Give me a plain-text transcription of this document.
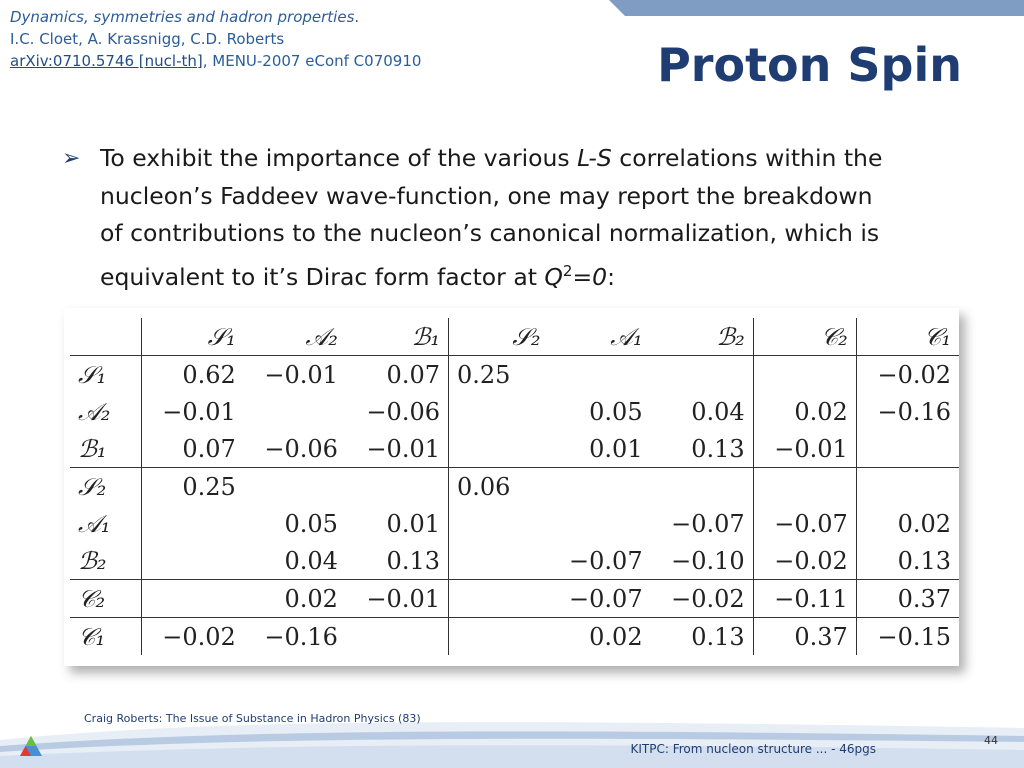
Dynamics, symmetries and hadron properties.
I.C. Cloet, A. Krassnigg, C.D. Roberts
arXiv:0710.5746 [nucl-th], MENU-2007 eConf C070910	Proton Spin
➢ To exhibit the importance of the various L-S correlations within the
nucleon’s Faddeev wave-function, one may report the breakdown
of contributions to the nucleon’s canonical normalization, which is
equivalent to it’s Dirac form factor at $Q^2=0$:
	𝒮₁	𝒜₂	ℬ₁	𝒮₂	𝒜₁	ℬ₂	𝒞₂	𝒞₁
𝒮₁	0.62	−0.01	0.07	0.25				−0.02
𝒜₂	−0.01		−0.06		0.05	0.04	0.02	−0.16
ℬ₁	0.07	−0.06	−0.01		0.01	0.13	−0.01	
𝒮₂	0.25			0.06				
𝒜₁		0.05	0.01			−0.07	−0.07	0.02
ℬ₂		0.04	0.13		−0.07	−0.10	−0.02	0.13
𝒞₂		0.02	−0.01		−0.07	−0.02	−0.11	0.37
𝒞₁	−0.02	−0.16			0.02	0.13	0.37	−0.15
Craig Roberts: The Issue of Substance in Hadron Physics (83)
44
KITPC: From nucleon structure ... - 46pgs
